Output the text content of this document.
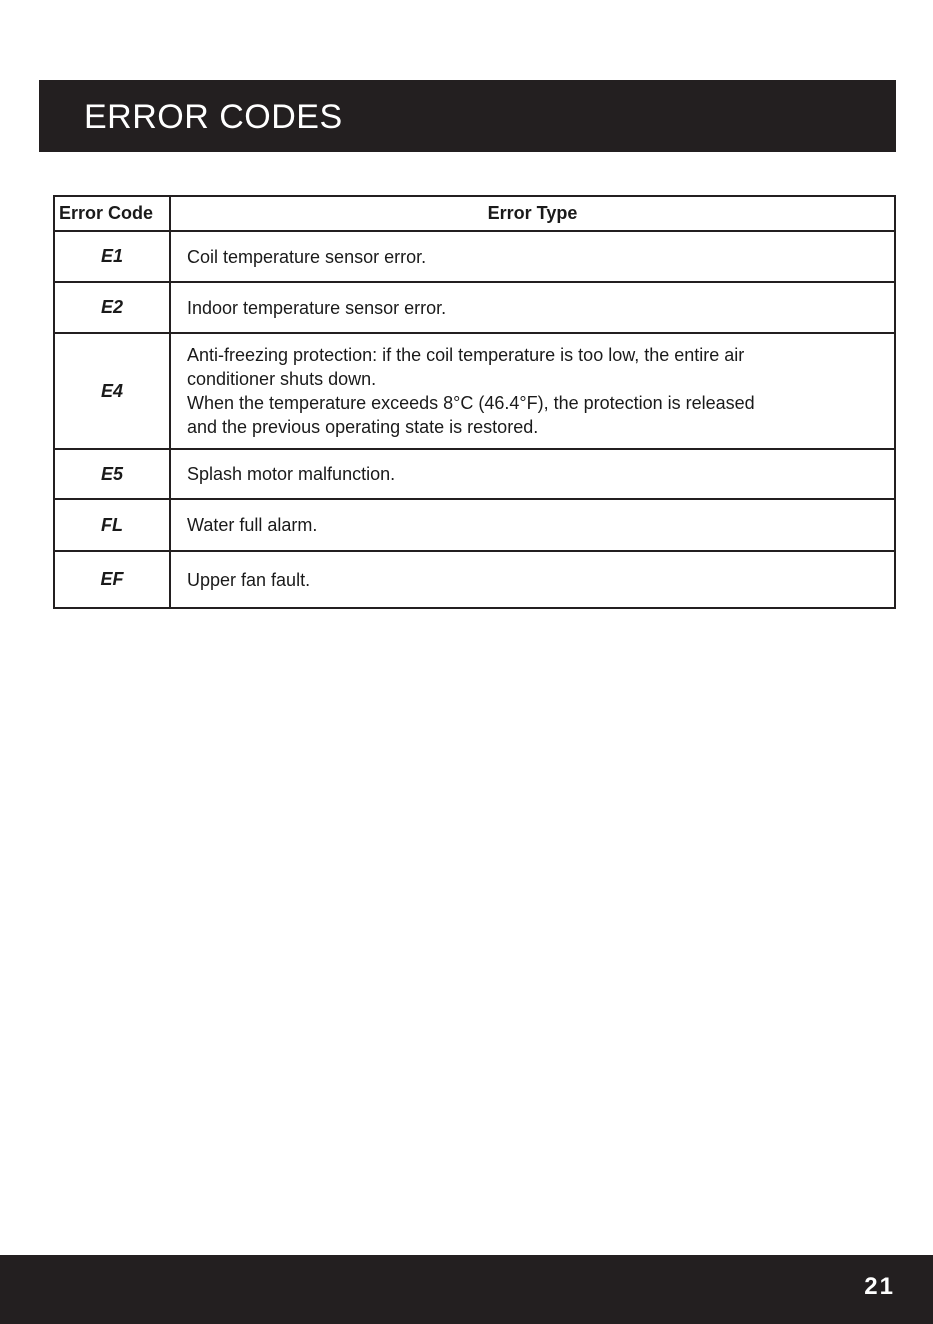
ERROR CODES
Error Code	Error Type
E1	Coil temperature sensor error.

E2	Indoor temperature sensor error.

E4	Anti-freezing protection: if the coil temperature is too low, the entire air
conditioner shuts down.
When the temperature exceeds 8°C (46.4°F), the protection is released
and the previous operating state is restored.

E5	Splash motor malfunction.

FL	Water full alarm.

EF	Upper fan fault.
21
